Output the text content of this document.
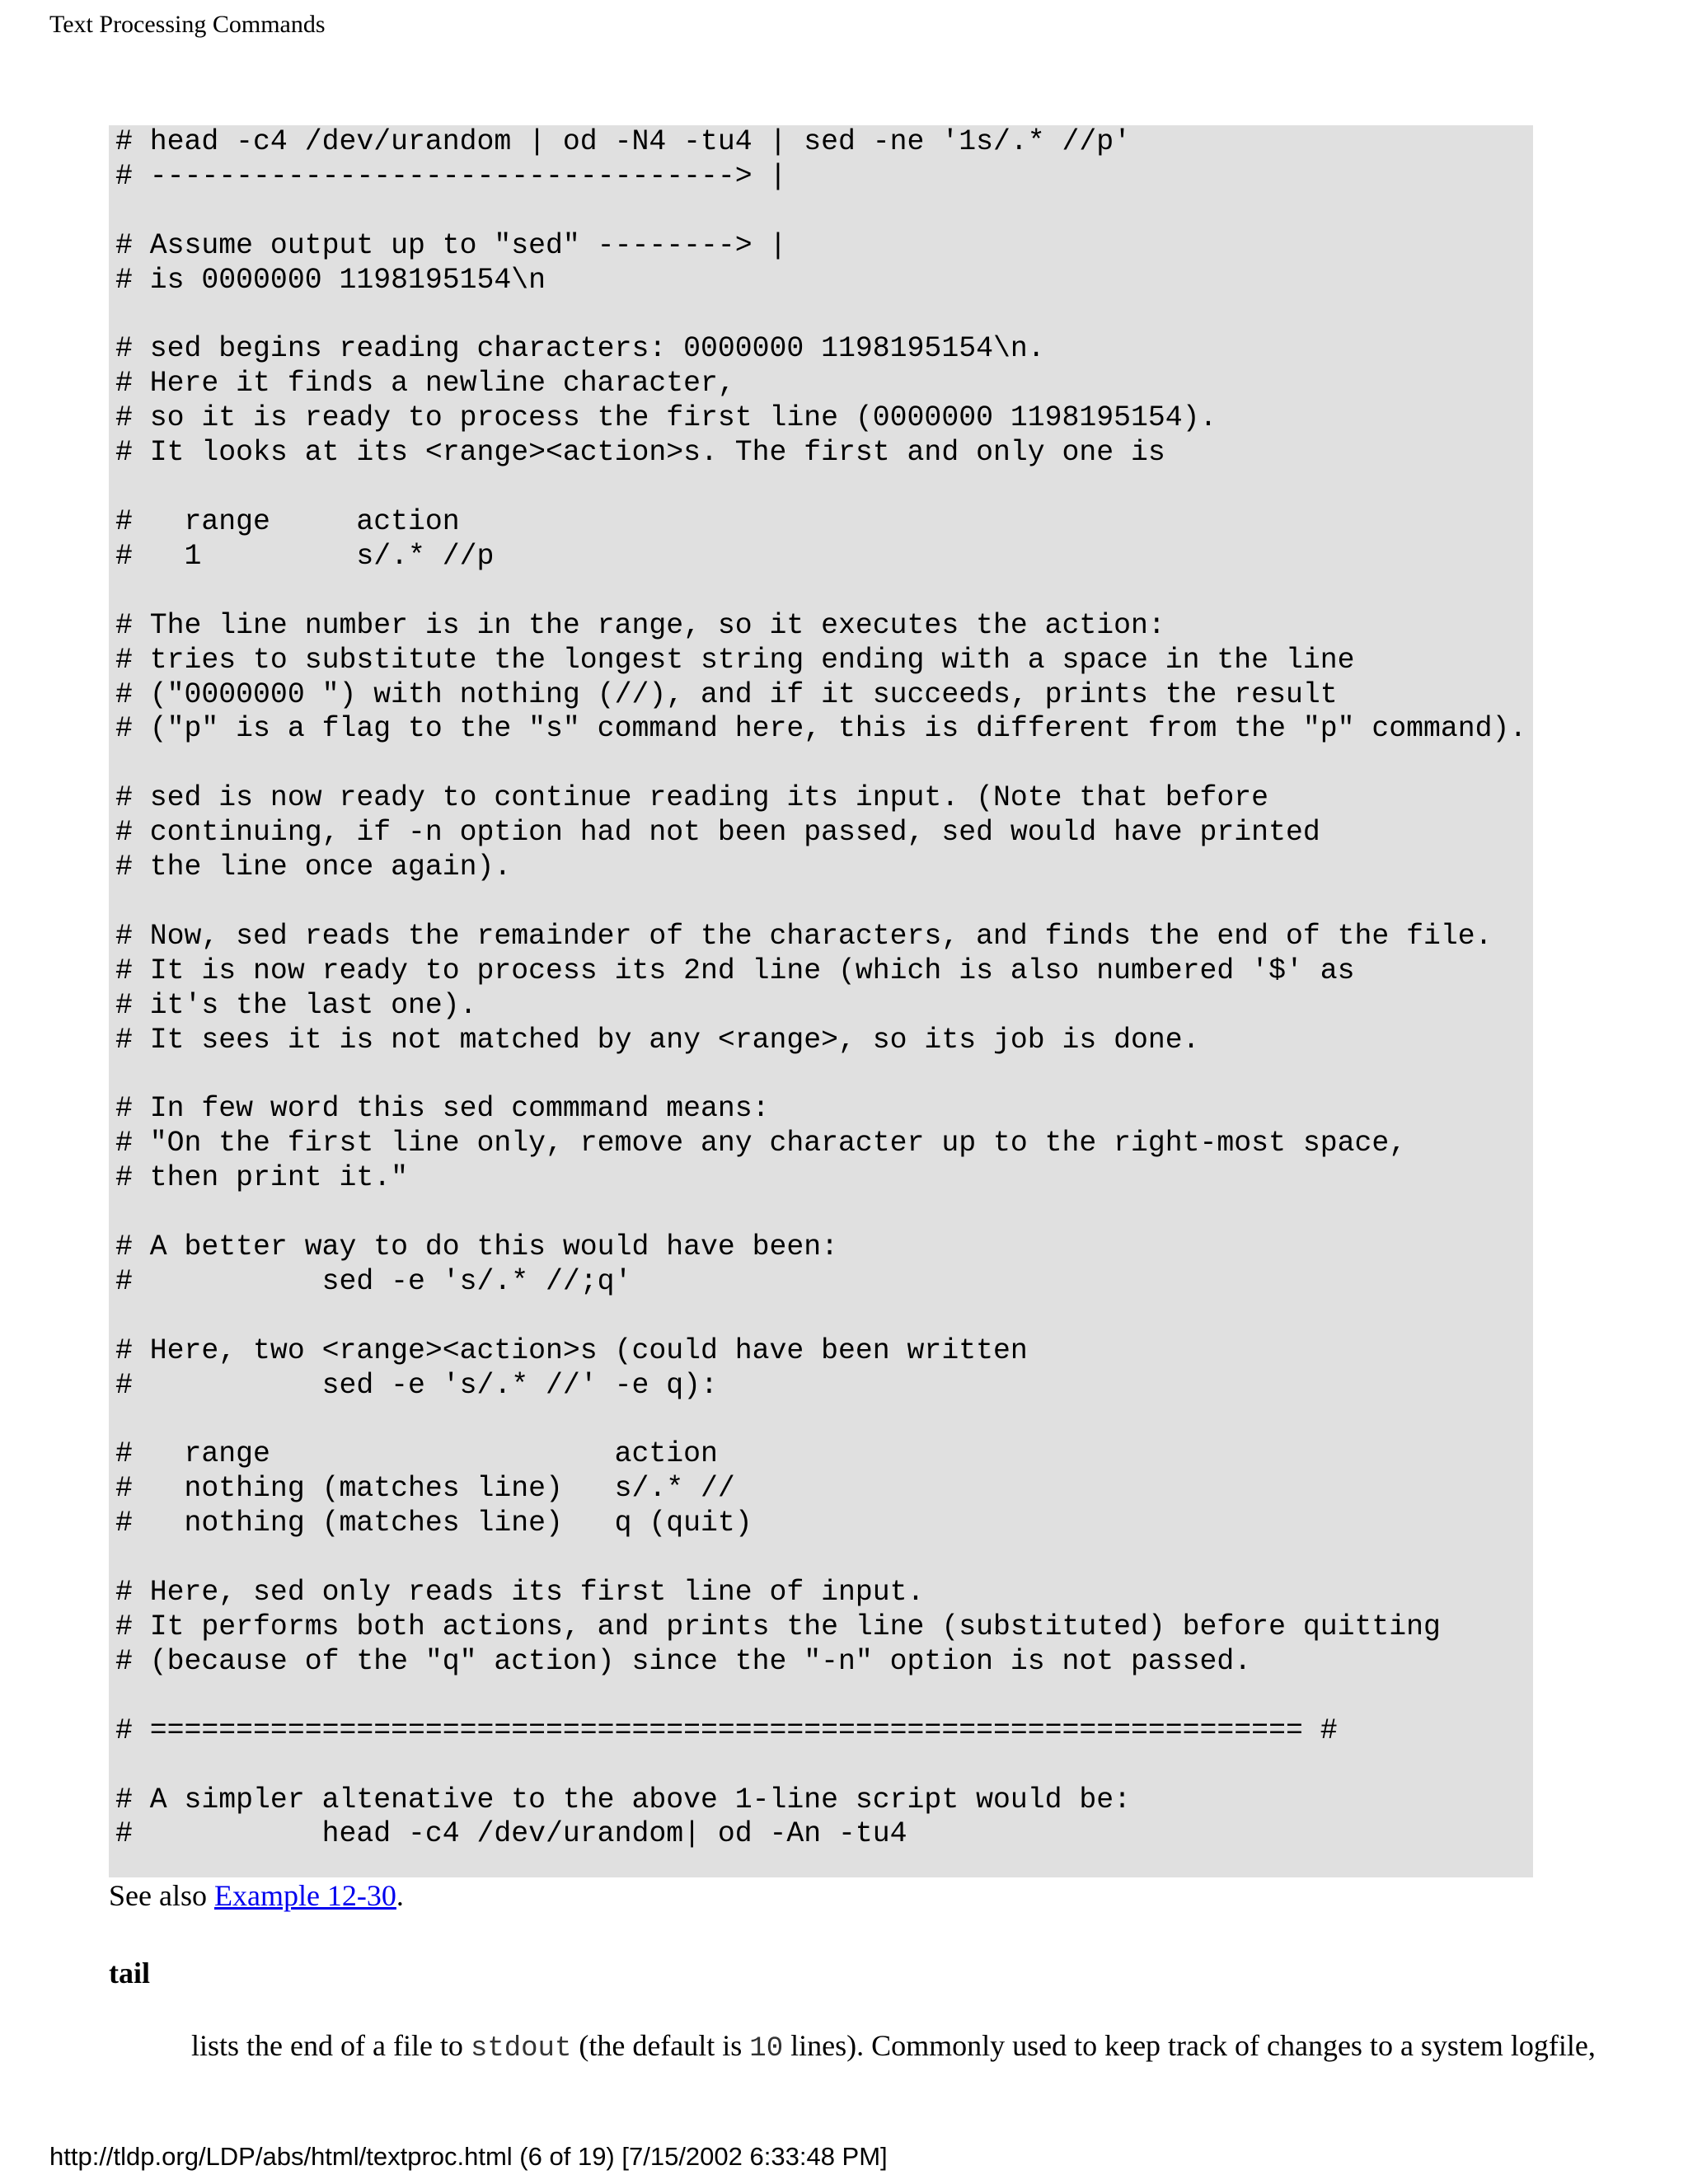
Text Processing Commands
# head -c4 /dev/urandom | od -N4 -tu4 | sed -ne '1s/.* //p'
# ----------------------------------> |

# Assume output up to "sed" --------> |
# is 0000000 1198195154\n

# sed begins reading characters: 0000000 1198195154\n.
# Here it finds a newline character,
# so it is ready to process the first line (0000000 1198195154).
# It looks at its <range><action>s. The first and only one is

#   range     action
#   1         s/.* //p

# The line number is in the range, so it executes the action:
# tries to substitute the longest string ending with a space in the line
# ("0000000 ") with nothing (//), and if it succeeds, prints the result
# ("p" is a flag to the "s" command here, this is different from the "p" command).

# sed is now ready to continue reading its input. (Note that before
# continuing, if -n option had not been passed, sed would have printed
# the line once again).

# Now, sed reads the remainder of the characters, and finds the end of the file.
# It is now ready to process its 2nd line (which is also numbered '$' as
# it's the last one).
# It sees it is not matched by any <range>, so its job is done.

# In few word this sed commmand means:
# "On the first line only, remove any character up to the right-most space,
# then print it."

# A better way to do this would have been:
#           sed -e 's/.* //;q'

# Here, two <range><action>s (could have been written
#           sed -e 's/.* //' -e q):

#   range                    action
#   nothing (matches line)   s/.* //
#   nothing (matches line)   q (quit)

# Here, sed only reads its first line of input.
# It performs both actions, and prints the line (substituted) before quitting
# (because of the "q" action) since the "-n" option is not passed.

# =================================================================== #

# A simpler altenative to the above 1-line script would be:
#           head -c4 /dev/urandom| od -An -tu4

See also Example 12-30.
tail
lists the end of a file to stdout (the default is 10 lines). Commonly used to keep track of changes to a system logfile,
http://tldp.org/LDP/abs/html/textproc.html (6 of 19) [7/15/2002 6:33:48 PM]
